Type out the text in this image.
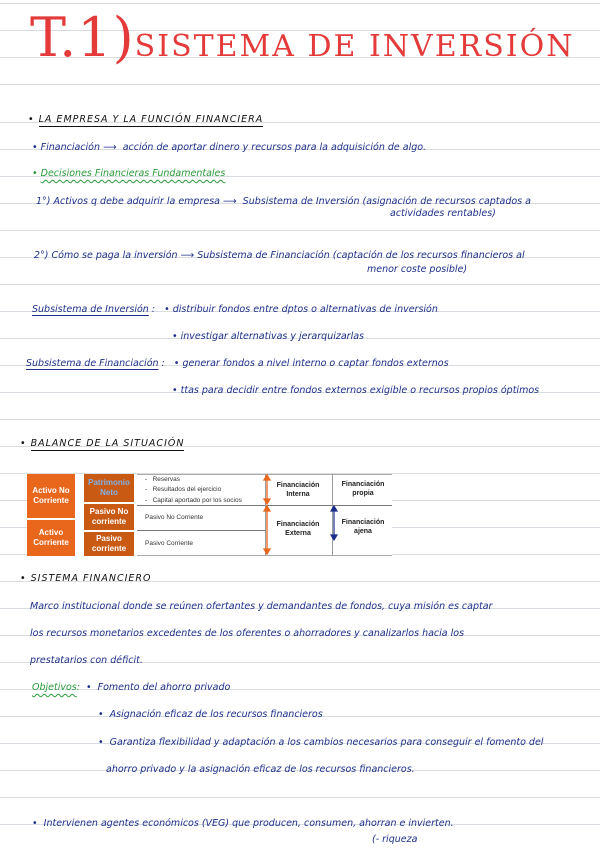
T.1)SISTEMA DE INVERSIÓN
• LA EMPRESA Y LA FUNCIÓN FINANCIERA
• Financiación ⟶ acción de aportar dinero y recursos para la adquisición de algo.
• Decisiones Financieras Fundamentales
1°) Activos q debe adquirir la empresa ⟶  Subsistema de Inversión (asignación de recursos captados a
actividades rentables)
2°) Cómo se paga la inversión ⟶ Subsistema de Financiación (captación de los recursos financieros al
menor coste posible)
Subsistema de Inversión :   • distribuir fondos entre dptos o alternativas de inversión
• investigar alternativas y jerarquizarlas
Subsistema de Financiación :   • generar fondos a nivel interno o captar fondos externos
• ttas para decidir entre fondos externos exigible o recursos propios óptimos
• BALANCE DE LA SITUACIÓN
Activo No Corriente
Activo Corriente
Patrimonio Neto
Pasivo No corriente
Pasivo corriente
- Reservas
- Resultados del ejercicio
- Capital aportado por los socios
Pasivo No Corriente
Pasivo Corriente
Financiación Interna
Financiación Externa
Financiación propia
Financiación ajena
• SISTEMA FINANCIERO
Marco institucional donde se reúnen ofertantes y demandantes de fondos, cuya misión es captar
los recursos monetarios excedentes de los oferentes o ahorradores y canalizarlos hacia los
prestatarios con déficit.
Objetivos:  •  Fomento del ahorro privado
•  Asignación eficaz de los recursos financieros
•  Garantiza flexibilidad y adaptación a los cambios necesarios para conseguir el fomento del
ahorro privado y la asignación eficaz de los recursos financieros.
•  Intervienen agentes económicos (VEG) que producen, consumen, ahorran e invierten.
(- riqueza
